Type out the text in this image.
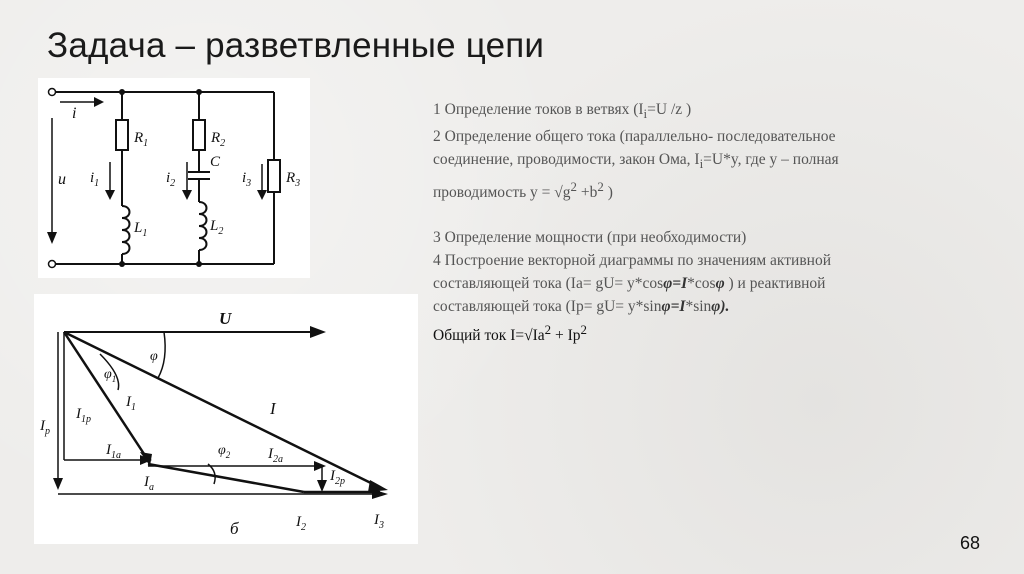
Задача – разветвленные цепи
i
u
$R_1$	$R_2$
$R_3$
C
$L_1$	$L_2$
$i_1$	$i_2$	$i_3$
U
I
$I_1$
$I_{1p}$
$I_p$
$I_{1a}$
$I_a$
$I_{2a}$
$I_{2p}$
$I_2$	$I_3$
φ
$\varphi_1$
$\varphi_2$
б
1 Определение токов в ветвях ($I_i=U$ /z )
2 Определение общего тока (параллельно- последовательное
соединение, проводимости, закон Ома, $I_i=U*y$, где y – полная
проводимость $y = √g^2 +b^2$ )
3 Определение мощности (при необходимости)
4 Построение векторной диаграммы по значениям активной
составляющей тока (Ia= gU= y*cosφ=I*cosφ ) и реактивной
составляющей тока (Ip= gU= y*sinφ=I*sinφ).
Общий ток $I=√Ia^2 + Ip^2$
68
